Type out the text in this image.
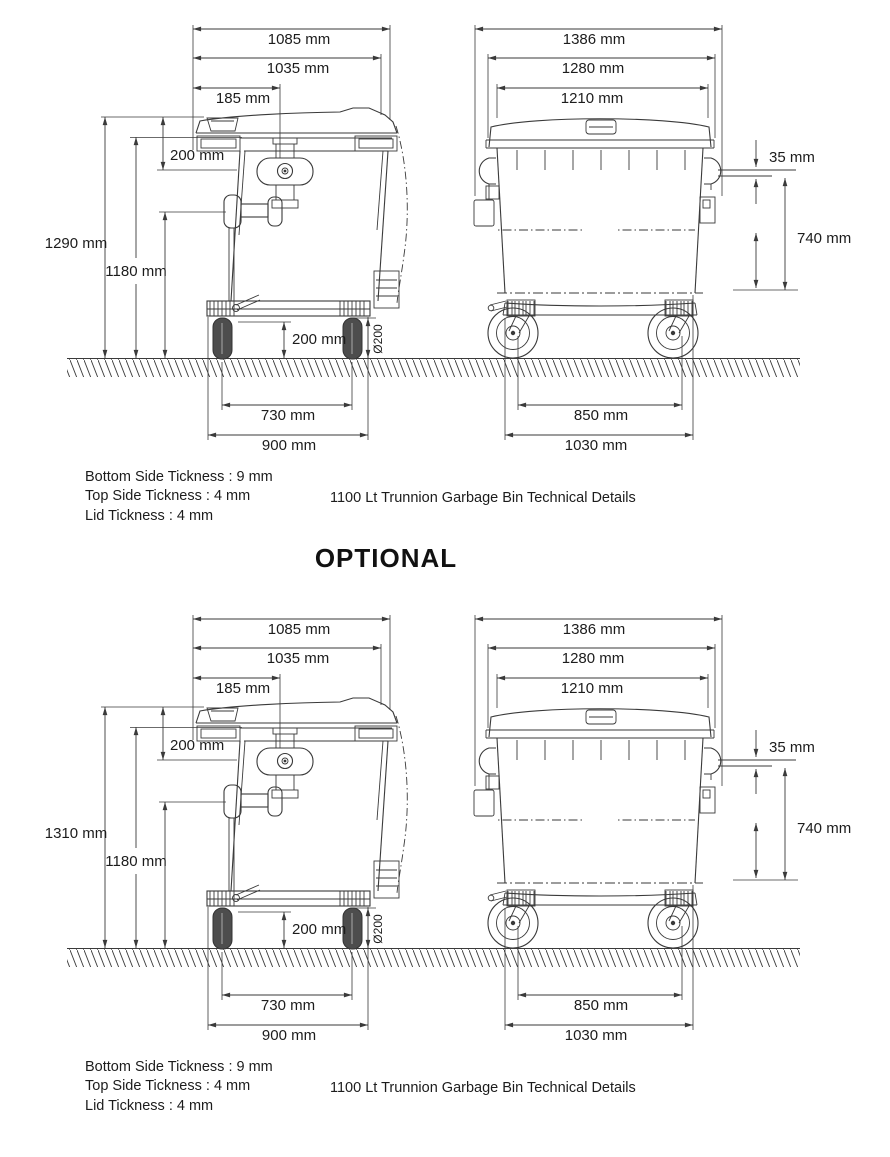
1290 mm
1180 mm
200 mm
1085 mm
1035 mm
185 mm
200 mm Ø200
730 mm
900 mm
1386 mm
1280 mm
1210 mm
35 mm
740 mm
850 mm
1030 mm
Bottom Side Tickness : 9 mm
Top Side Tickness : 4 mm
Lid Tickness : 4 mm
1100 Lt Trunnion Garbage Bin Technical Details
OPTIONAL
1310 mm
1180 mm
200 mm
1085 mm
1035 mm
185 mm
200 mm Ø200
730 mm
900 mm
1386 mm
1280 mm
1210 mm
35 mm
740 mm
850 mm
1030 mm
Bottom Side Tickness : 9 mm
Top Side Tickness : 4 mm
Lid Tickness : 4 mm
1100 Lt Trunnion Garbage Bin Technical Details
